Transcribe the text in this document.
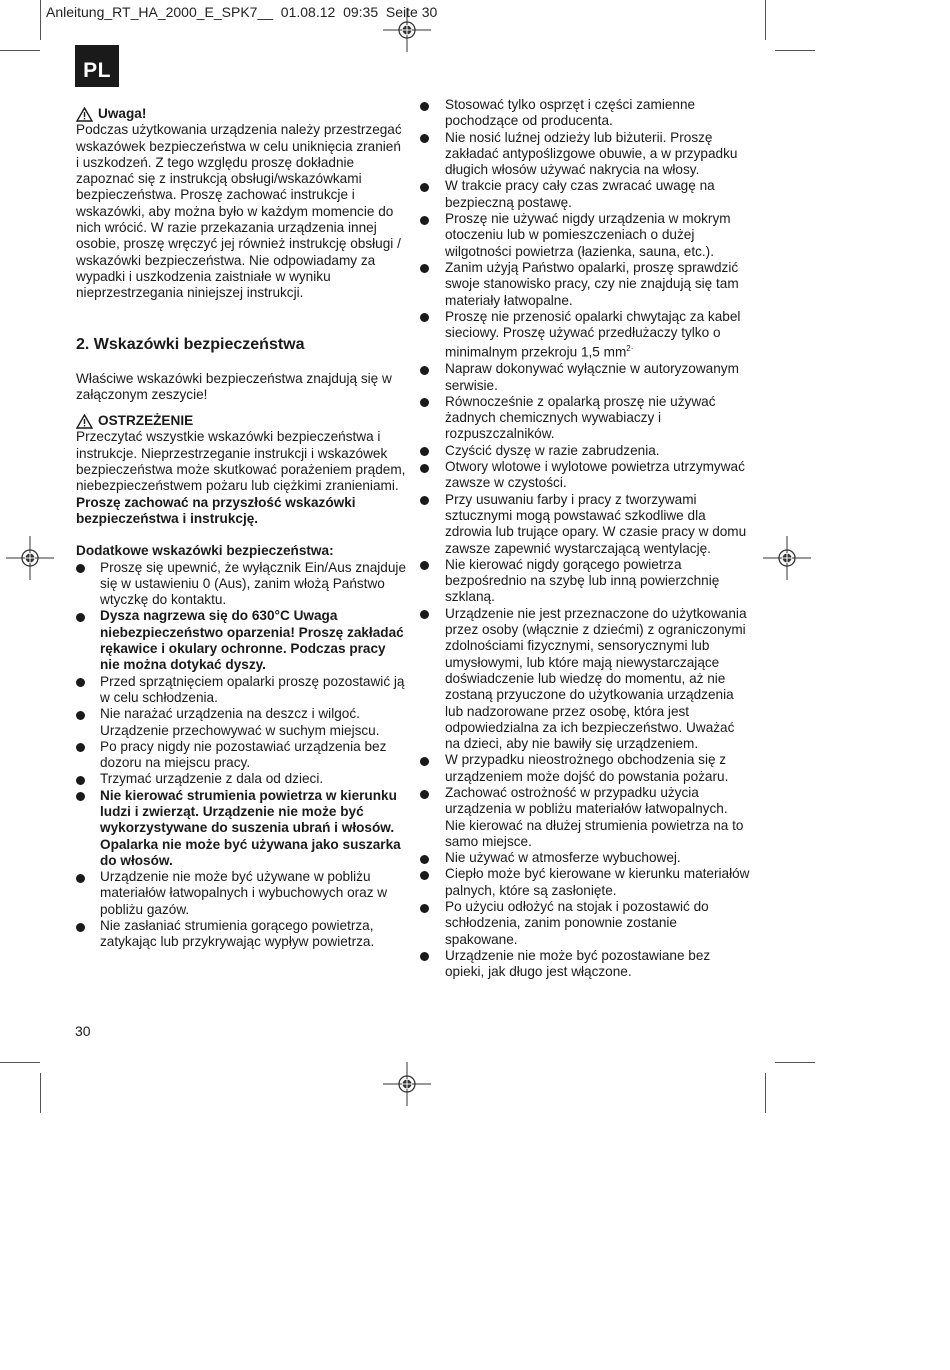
Anleitung_RT_HA_2000_E_SPK7__  01.08.12  09:35  Seite 30
PL

Uwaga!

Podczas użytkowania urządzenia należy przestrzegać wskazówek bezpieczeństwa w celu uniknięcia zranień i uszkodzeń. Z tego względu proszę dokładnie zapoznać się z instrukcją obsługi/wskazówkami bezpieczeństwa. Proszę zachować instrukcje i wskazówki, aby można było w każdym momencie do nich wrócić. W razie przekazania urządzenia innej osobie, proszę wręczyć jej również instrukcję obsługi / wskazówki bezpieczeństwa. Nie odpowiadamy za wypadki i uszkodzenia zaistniałe w wyniku nieprzestrzegania niniejszej instrukcji.

2. Wskazówki bezpieczeństwa

Właściwe wskazówki bezpieczeństwa znajdują się w załączonym zeszycie!

OSTRZEŻENIE

Przeczytać wszystkie wskazówki bezpieczeństwa i instrukcje. Nieprzestrzeganie instrukcji i wskazówek bezpieczeństwa może skutkować porażeniem prądem, niebezpieczeństwem pożaru lub ciężkimi zranieniami.

Proszę zachować na przyszłość wskazówki bezpieczeństwa i instrukcję.

Dodatkowe wskazówki bezpieczeństwa:

Proszę się upewnić, że wyłącznik Ein/Aus znajduje się w ustawieniu 0 (Aus), zanim włożą Państwo wtyczkę do kontaktu.
Dysza nagrzewa się do 630°C Uwaga niebezpieczeństwo oparzenia! Proszę zakładać rękawice i okulary ochronne. Podczas pracy nie można dotykać dyszy.
Przed sprzątnięciem opalarki proszę pozostawić ją w celu schłodzenia.
Nie narażać urządzenia na deszcz i wilgoć. Urządzenie przechowywać w suchym miejscu.
Po pracy nigdy nie pozostawiać urządzenia bez dozoru na miejscu pracy.
Trzymać urządzenie z dala od dzieci.
Nie kierować strumienia powietrza w kierunku ludzi i zwierząt. Urządzenie nie może być wykorzystywane do suszenia ubrań i włosów. Opalarka nie może być używana jako suszarka do włosów.
Urządzenie nie może być używane w pobliżu materiałów łatwopalnych i wybuchowych oraz w pobliżu gazów.
Nie zasłaniać strumienia gorącego powietrza, zatykając lub przykrywając wypływ powietrza.
Stosować tylko osprzęt i części zamienne pochodzące od producenta.
Nie nosić luźnej odzieży lub biżuterii. Proszę zakładać antypoślizgowe obuwie, a w przypadku długich włosów używać nakrycia na włosy.
W trakcie pracy cały czas zwracać uwagę na bezpieczną postawę.
Proszę nie używać nigdy urządzenia w mokrym otoczeniu lub w pomieszczeniach o dużej wilgotności powietrza (łazienka, sauna, etc.).
Zanim użyją Państwo opalarki, proszę sprawdzić swoje stanowisko pracy, czy nie znajdują się tam materiały łatwopalne.
Proszę nie przenosić opalarki chwytając za kabel sieciowy. Proszę używać przedłużaczy tylko o minimalnym przekroju 1,5 $mm^{2\cdot}$
Napraw dokonywać wyłącznie w autoryzowanym serwisie.
Równocześnie z opalarką proszę nie używać żadnych chemicznych wywabiaczy i rozpuszczalników.
Czyścić dyszę w razie zabrudzenia.
Otwory wlotowe i wylotowe powietrza utrzymywać zawsze w czystości.
Przy usuwaniu farby i pracy z tworzywami sztucznymi mogą powstawać szkodliwe dla zdrowia lub trujące opary. W czasie pracy w domu zawsze zapewnić wystarczającą wentylację.
Nie kierować nigdy gorącego powietrza bezpośrednio na szybę lub inną powierzchnię szklaną.
Urządzenie nie jest przeznaczone do użytkowania przez osoby (włącznie z dziećmi) z ograniczonymi zdolnościami fizycznymi, sensorycznymi lub umysłowymi, lub które mają niewystarczające doświadczenie lub wiedzę do momentu, aż nie zostaną przyuczone do użytkowania urządzenia lub nadzorowane przez osobę, która jest odpowiedzialna za ich bezpieczeństwo. Uważać na dzieci, aby nie bawiły się urządzeniem.
W przypadku nieostrożnego obchodzenia się z urządzeniem może dojść do powstania pożaru.
Zachować ostrożność w przypadku użycia urządzenia w pobliżu materiałów łatwopalnych. Nie kierować na dłużej strumienia powietrza na to samo miejsce.
Nie używać w atmosferze wybuchowej.
Ciepło może być kierowane w kierunku materiałów palnych, które są zasłonięte.
Po użyciu odłożyć na stojak i pozostawić do schłodzenia, zanim ponownie zostanie spakowane.
Urządzenie nie może być pozostawiane bez opieki, jak długo jest włączone.
30
